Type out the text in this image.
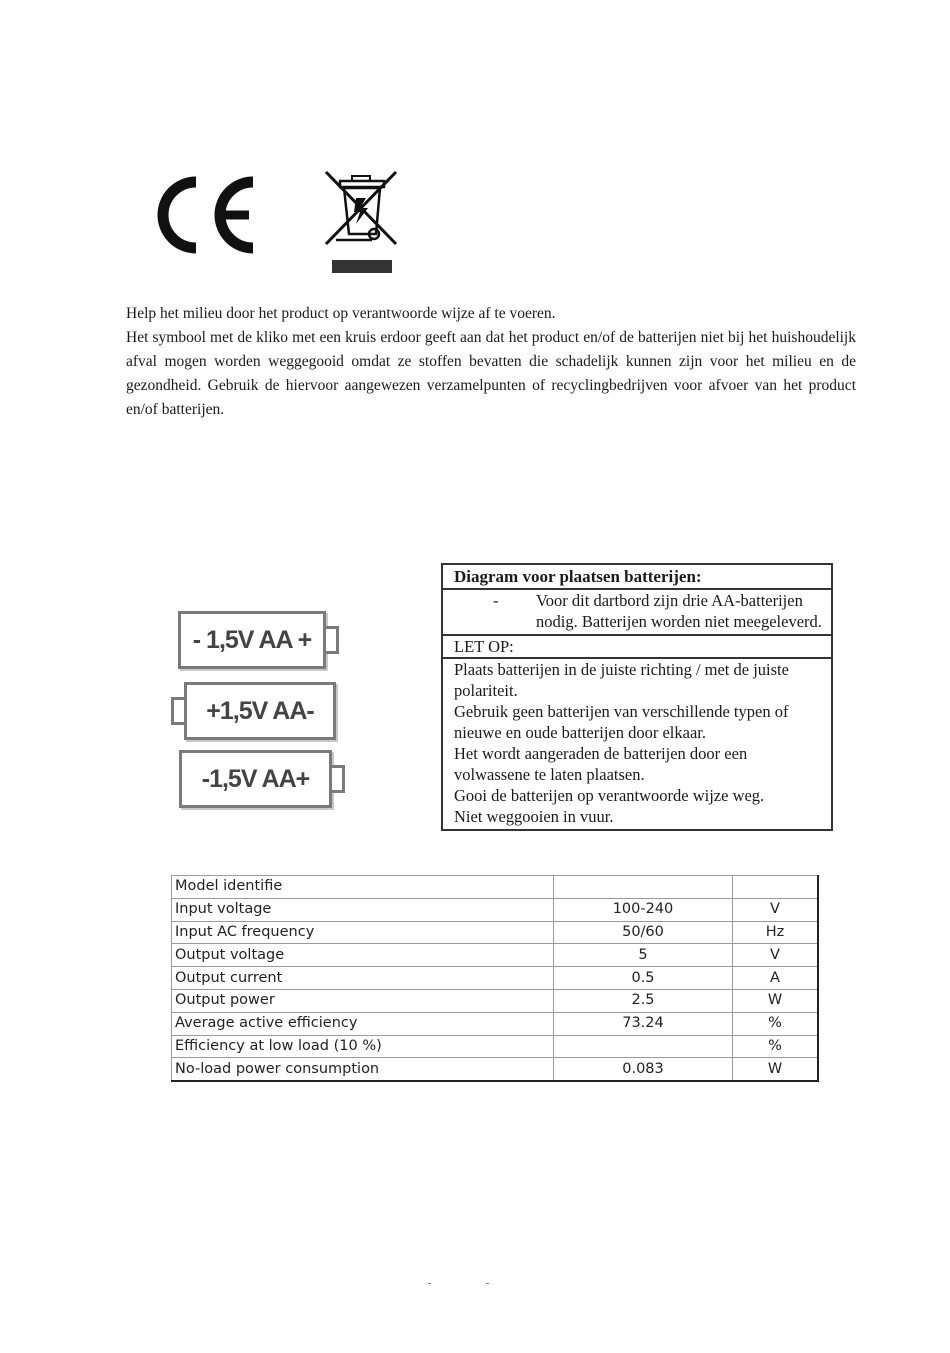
Help het milieu door het product op verantwoorde wijze af te voeren.

Het symbool met de kliko met een kruis erdoor geeft aan dat het product en/of de batterijen niet bij het huishoudelijk afval mogen worden weggegooid omdat ze stoffen bevatten die schadelijk kunnen zijn voor het milieu en de gezondheid. Gebruik de hiervoor aangewezen verzamelpunten of recyclingbedrijven voor afvoer van het product en/of batterijen.

- 1,5V AA +
+1,5V AA-
-1,5V AA+
Diagram voor plaatsen batterijen:
-	Voor dit dartbord zijn drie AA-batterijen nodig. Batterijen worden niet meegeleverd.
LET OP:
Plaats batterijen in de juiste richting / met de juiste polariteit.
Gebruik geen batterijen van verschillende typen of nieuwe en oude batterijen door elkaar.
Het wordt aangeraden de batterijen door een volwassene te laten plaatsen.
Gooi de batterijen op verantwoorde wijze weg.
Niet weggooien in vuur.
Model identifie		
Input voltage	100-240	V
Input AC frequency	50/60	Hz
Output voltage	5	V
Output current	0.5	A
Output power	2.5	W
Average active efficiency	73.24	%
Efficiency at low load (10 %)		%
No-load power consumption	0.083	W
- -
